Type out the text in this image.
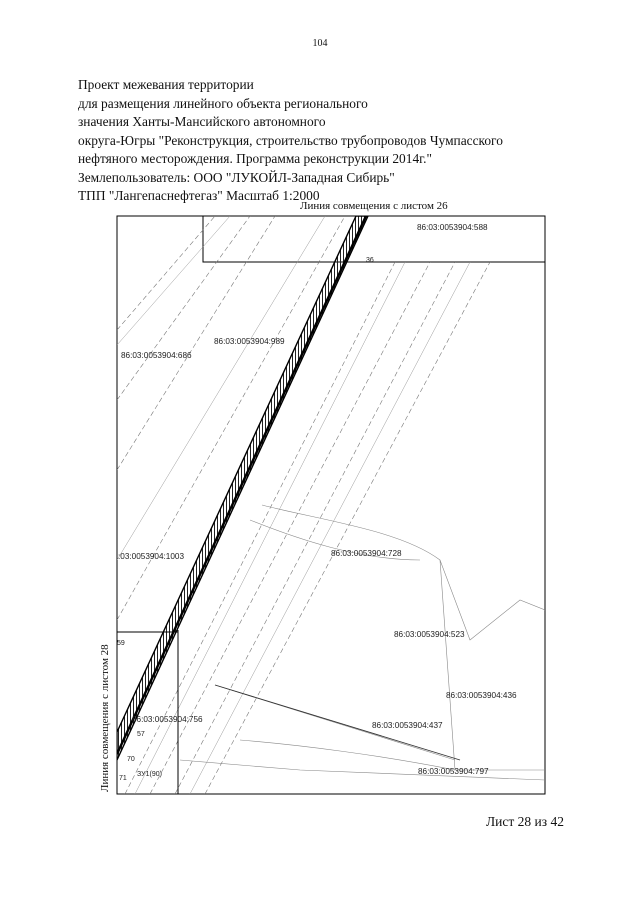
104
Проект межевания территории
для размещения линейного объекта регионального
значения Ханты-Мансийского автономного
округа-Югры "Реконструкция, строительство трубопроводов Чумпасского
нефтяного месторождения. Программа реконструкции 2014г."
Землепользователь: ООО "ЛУКОЙЛ-Западная Сибирь"
ТПП "Лангепаснефтегаз" Масштаб 1:2000
Линия совмещения с листом 26
Линия совмещения с листом 28
86:03:0053904:588
86:03:0053904:989
86:03:0053904:686
:03:0053904:1003	86:03:0053904:728
86:03:0053904:523
86:03:0053904:436
86:03:0053904:756
86:03:0053904:437
86:03:0053904:797
36
59
57
70
71
ЗУ1(90)
Лист 28 из 42
